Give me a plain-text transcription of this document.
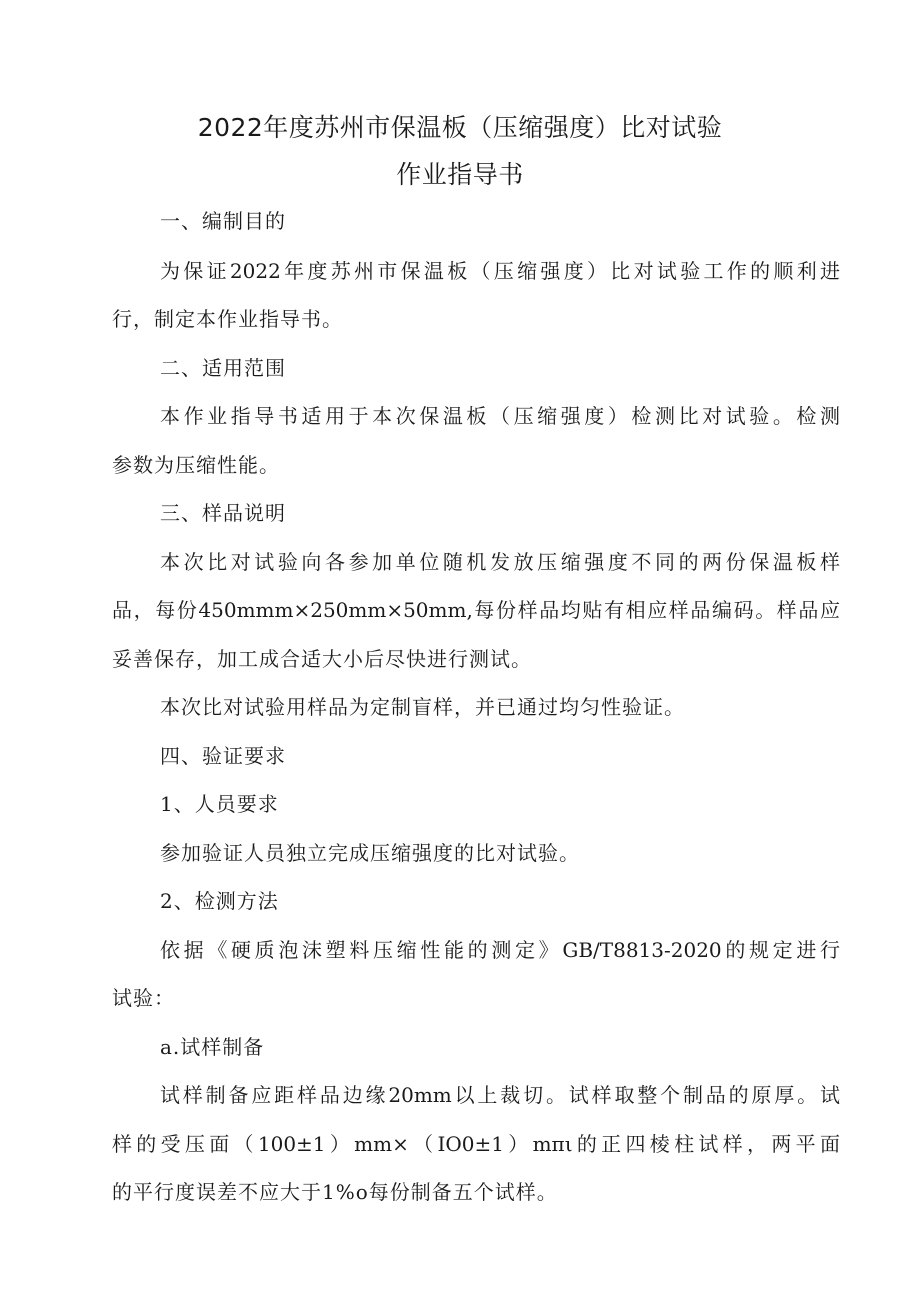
2022年度苏州市保温板（压缩强度）比对试验
作业指导书
一、编制目的
为保证2022年度苏州市保温板（压缩强度）比对试验工作的顺利进
行，制定本作业指导书。
二、适用范围
本作业指导书适用于本次保温板（压缩强度）检测比对试验。检测
参数为压缩性能。
三、样品说明
本次比对试验向各参加单位随机发放压缩强度不同的两份保温板样
品，每份450mmm×250mm×50mm,每份样品均贴有相应样品编码。样品应
妥善保存，加工成合适大小后尽快进行测试。
本次比对试验用样品为定制盲样，并已通过均匀性验证。
四、验证要求
1、人员要求
参加验证人员独立完成压缩强度的比对试验。
2、检测方法
依据《硬质泡沫塑料压缩性能的测定》GB/T8813-2020的规定进行
试验：
a.试样制备
试样制备应距样品边缘20mm以上裁切。试样取整个制品的原厚。试
样的受压面（100±1）mm×（IO0±1）mπι的正四棱柱试样，两平面
的平行度误差不应大于1%o每份制备五个试样。
